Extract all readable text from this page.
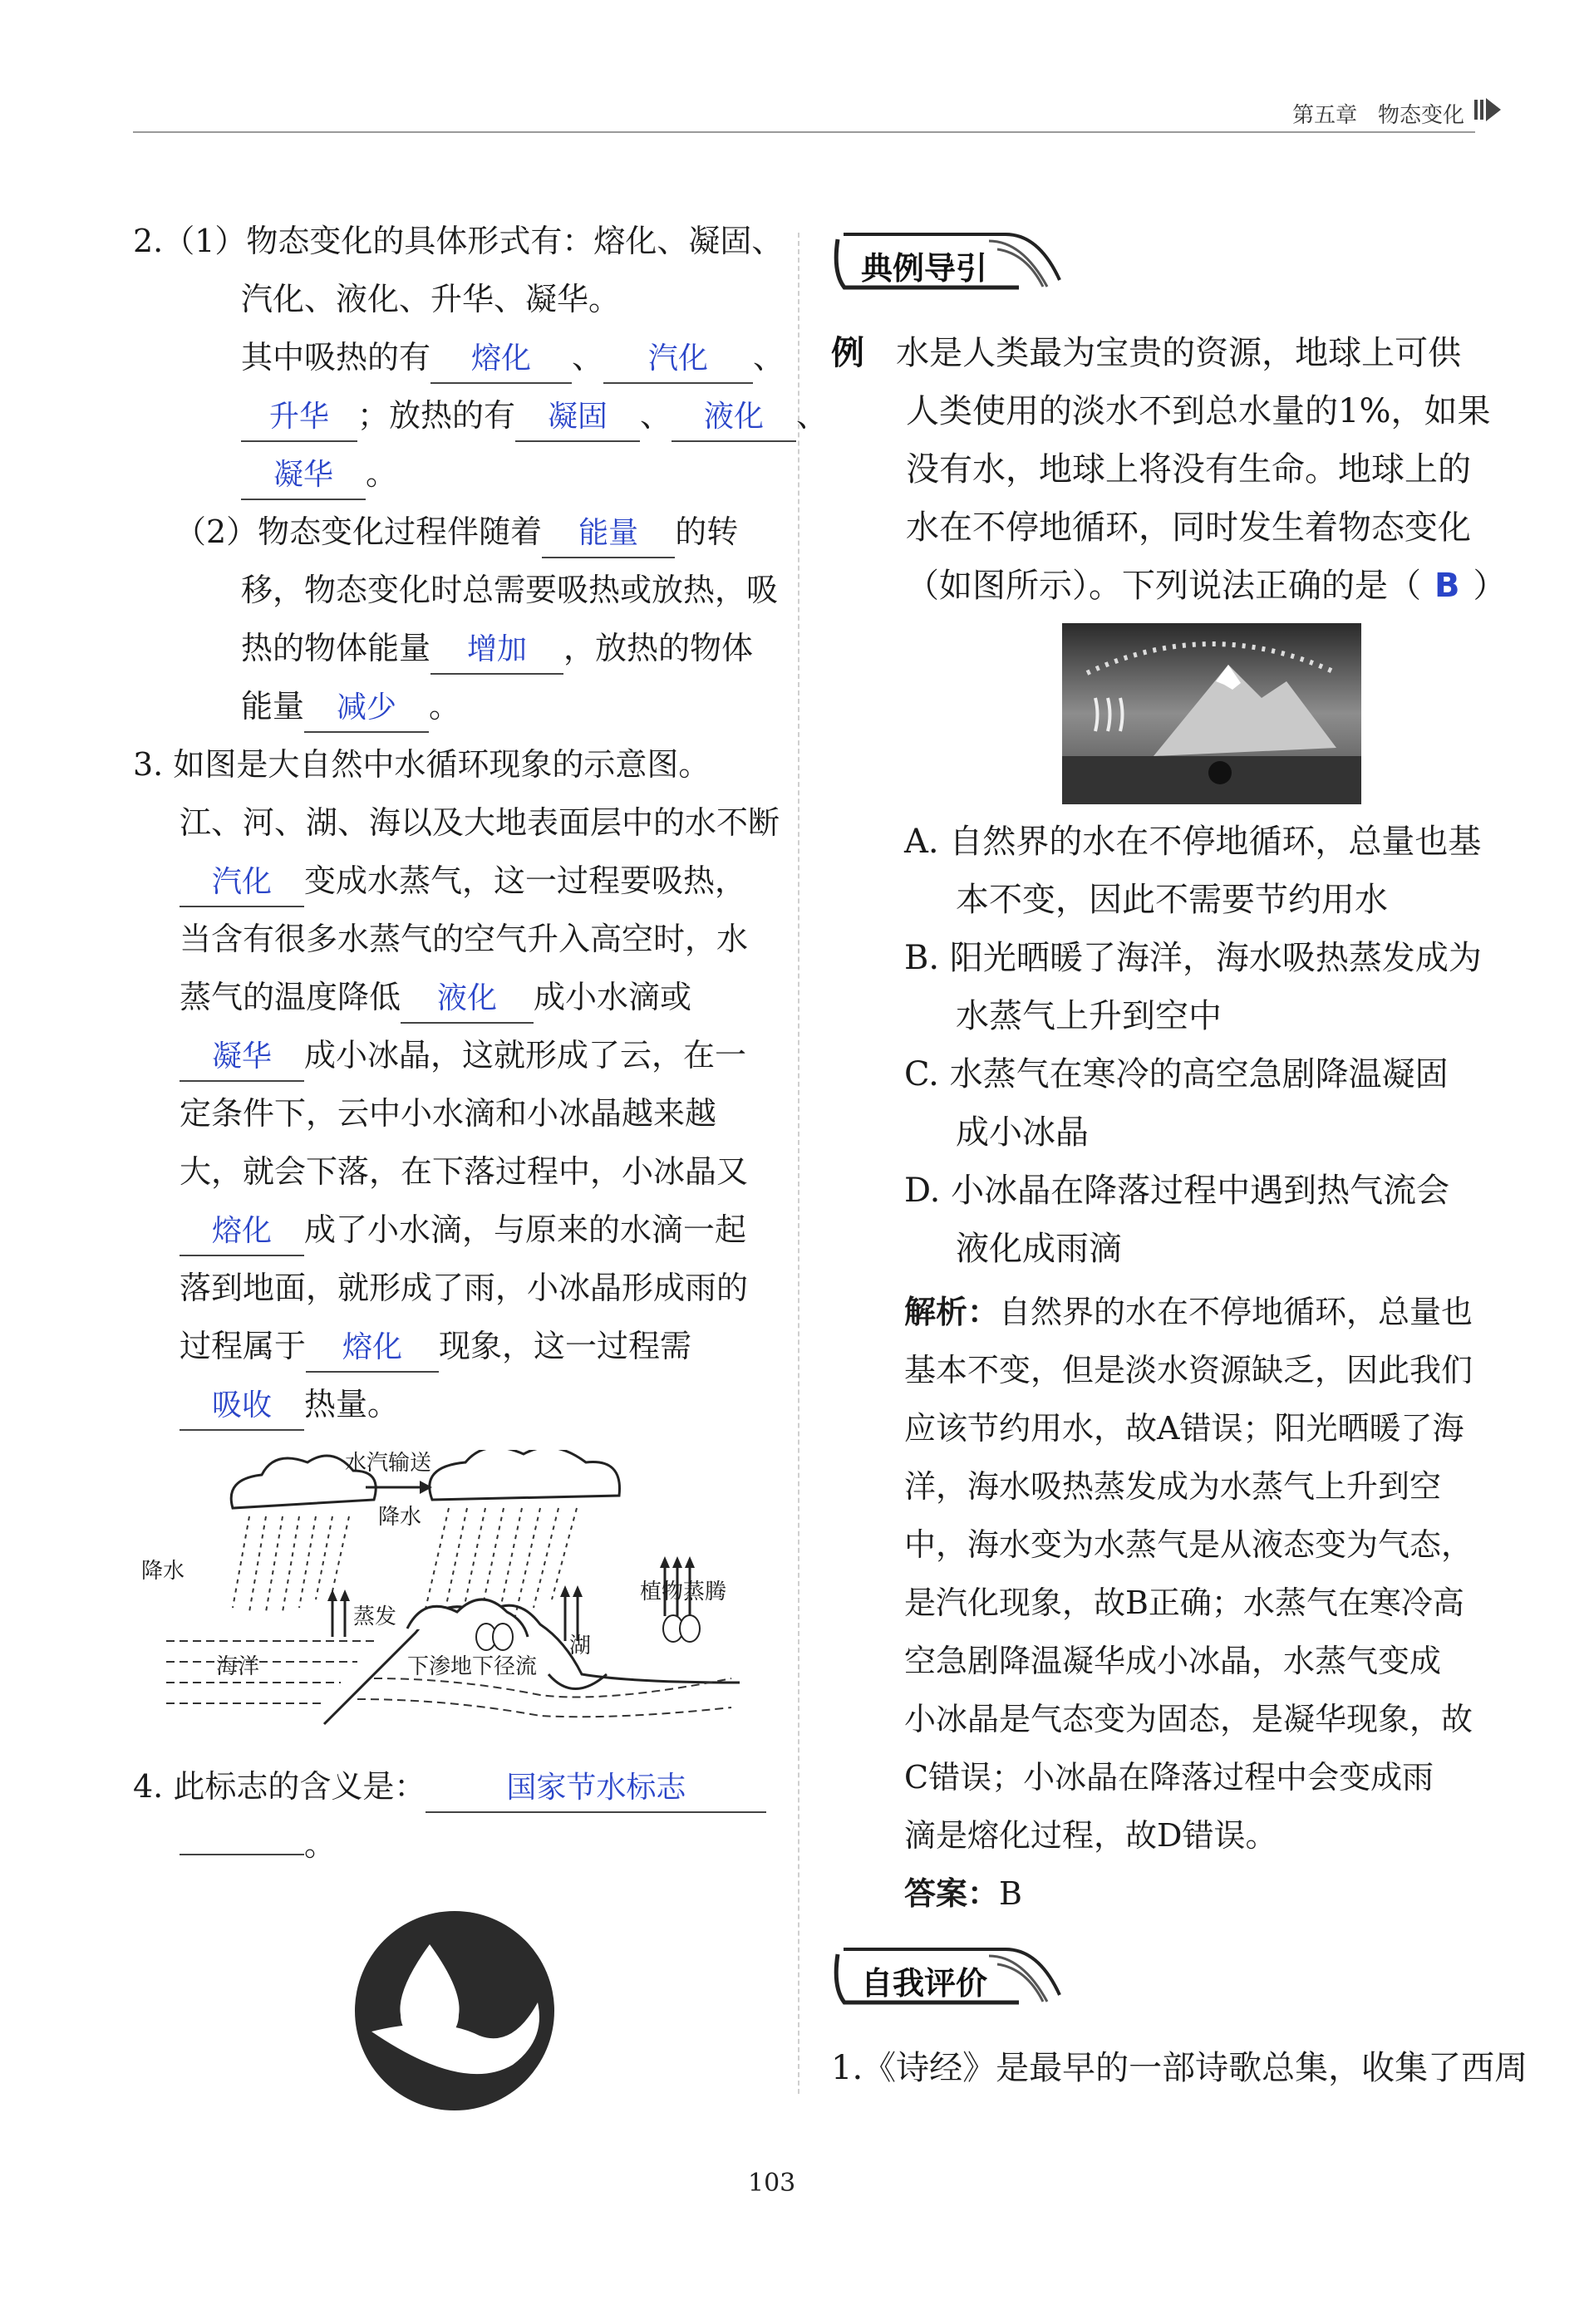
第五章 物态变化
2.（1）物态变化的具体形式有：熔化、凝固、
汽化、液化、升华、凝华。
其中吸热的有 熔化 、 汽化 、
升华 ；放热的有 凝固 、 液化 、
凝华 。
（2）物态变化过程伴随着 能量 的转
移，物态变化时总需要吸热或放热，吸
热的物体能量 增加 ，放热的物体
能量 减少 。
3. 如图是大自然中水循环现象的示意图。
江、河、湖、海以及大地表面层中的水不断
汽化 变成水蒸气，这一过程要吸热，
当含有很多水蒸气的空气升入高空时，水
蒸气的温度降低 液化 成小水滴或
凝华 成小冰晶，这就形成了云，在一
定条件下，云中小水滴和小冰晶越来越
大，就会下落，在下落过程中，小冰晶又
熔化 成了小水滴，与原来的水滴一起
落到地面，就形成了雨，小冰晶形成雨的
过程属于 熔化 现象，这一过程需
吸收 热量。
水汽输送
降水
降水
蒸发
植物蒸腾
湖
海洋	下渗地下径流
4. 此标志的含义是：	国家节水标志
。
典例导引
例 水是人类最为宝贵的资源，地球上可供
人类使用的淡水不到总水量的1%，如果
没有水，地球上将没有生命。地球上的
水在不停地循环，同时发生着物态变化
（如图所示）。下列说法正确的是（ B ）
A. 自然界的水在不停地循环，总量也基
本不变，因此不需要节约用水
B. 阳光晒暖了海洋，海水吸热蒸发成为
水蒸气上升到空中
C. 水蒸气在寒冷的高空急剧降温凝固
成小冰晶
D. 小冰晶在降落过程中遇到热气流会
液化成雨滴
解析：自然界的水在不停地循环，总量也
基本不变，但是淡水资源缺乏，因此我们
应该节约用水，故A错误；阳光晒暖了海
洋，海水吸热蒸发成为水蒸气上升到空
中，海水变为水蒸气是从液态变为气态，
是汽化现象，故B正确；水蒸气在寒冷高
空急剧降温凝华成小冰晶，水蒸气变成
小冰晶是气态变为固态，是凝华现象，故
C错误；小冰晶在降落过程中会变成雨
滴是熔化过程，故D错误。
答案：B
自我评价
1.《诗经》是最早的一部诗歌总集，收集了西周
103
